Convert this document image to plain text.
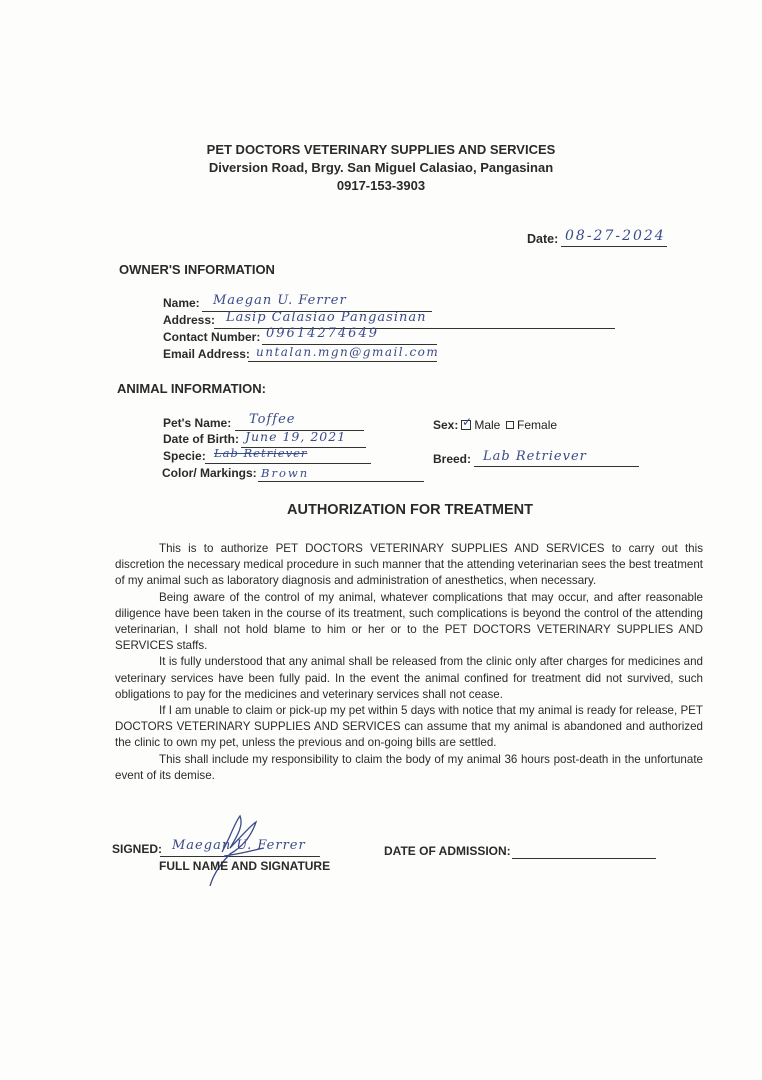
PET DOCTORS VETERINARY SUPPLIES AND SERVICES
Diversion Road, Brgy. San Miguel Calasiao, Pangasinan
0917-153-3903
Date: 08-27-2024
OWNER'S INFORMATION
Name: Maegan U. Ferrer
Address: Lasip Calasiao Pangasinan
Contact Number: 09614274649
Email Address: untalan.mgn@gmail.com
ANIMAL INFORMATION:
Pet's Name: Toffee
Date of Birth: June 19, 2021
Specie: Lab Retriever
Color/ Markings: Brown
Sex: ✓ Male Female
Breed: Lab Retriever
AUTHORIZATION FOR TREATMENT

This is to authorize PET DOCTORS VETERINARY SUPPLIES AND SERVICES to carry out this discretion the necessary medical procedure in such manner that the attending veterinarian sees the best treatment of my animal such as laboratory diagnosis and administration of anesthetics, when necessary.

Being aware of the control of my animal, whatever complications that may occur, and after reasonable diligence have been taken in the course of its treatment, such complications is beyond the control of the attending veterinarian, I shall not hold blame to him or her or to the PET DOCTORS VETERINARY SUPPLIES AND SERVICES staffs.

It is fully understood that any animal shall be released from the clinic only after charges for medicines and veterinary services have been fully paid. In the event the animal confined for treatment did not survived, such obligations to pay for the medicines and veterinary services shall not cease.

If I am unable to claim or pick-up my pet within 5 days with notice that my animal is ready for release, PET DOCTORS VETERINARY SUPPLIES AND SERVICES can assume that my animal is abandoned and authorized the clinic to own my pet, unless the previous and on-going bills are settled.

This shall include my responsibility to claim the body of my animal 36 hours post-death in the unfortunate event of its demise.

SIGNED: Maegan U. Ferrer
FULL NAME AND SIGNATURE
DATE OF ADMISSION:
